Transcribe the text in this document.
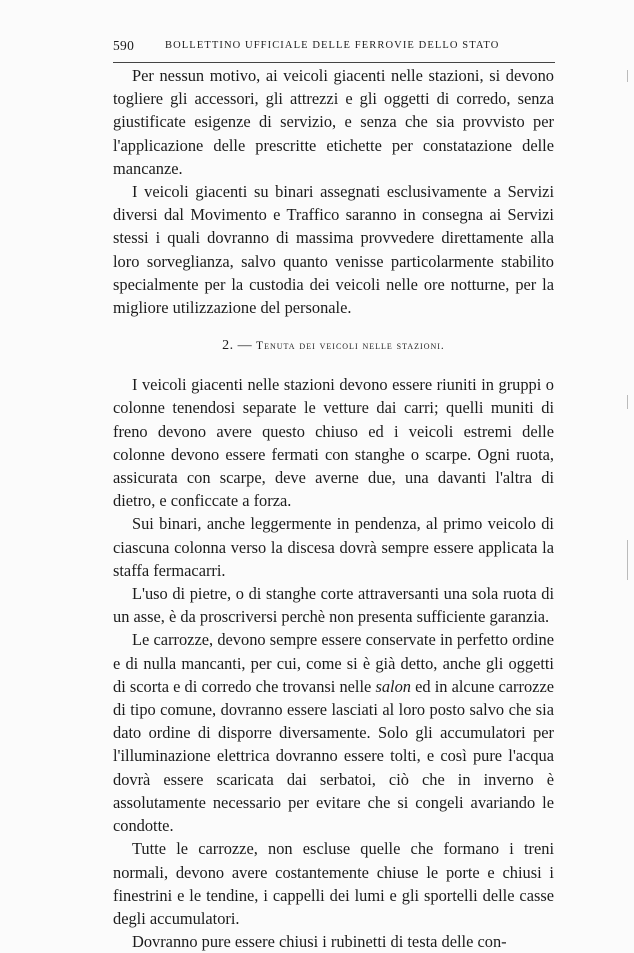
590	BOLLETTINO UFFICIALE DELLE FERROVIE DELLO STATO

Per nessun motivo, ai veicoli giacenti nelle stazioni, si devono togliere gli accessori, gli attrezzi e gli oggetti di corredo, senza giustificate esigenze di servizio, e senza che sia provvisto per l'applicazione delle prescritte etichette per constatazione delle mancanze.

I veicoli giacenti su binari assegnati esclusivamente a Servizi diversi dal Movimento e Traffico saranno in consegna ai Servizi stessi i quali dovranno di massima provvedere direttamente alla loro sorveglianza, salvo quanto venisse particolarmente stabilito specialmente per la custodia dei veicoli nelle ore notturne, per la migliore utilizzazione del personale.

2. — Tenuta dei veicoli nelle stazioni.

I veicoli giacenti nelle stazioni devono essere riuniti in gruppi o colonne tenendosi separate le vetture dai carri; quelli muniti di freno devono avere questo chiuso ed i veicoli estremi delle colonne devono essere fermati con stanghe o scarpe. Ogni ruota, assicurata con scarpe, deve averne due, una davanti l'altra di dietro, e conficcate a forza.

Sui binari, anche leggermente in pendenza, al primo veicolo di ciascuna colonna verso la discesa dovrà sempre essere applicata la staffa fermacarri.

L'uso di pietre, o di stanghe corte attraversanti una sola ruota di un asse, è da proscriversi perchè non presenta sufficiente garanzia.

Le carrozze, devono sempre essere conservate in perfetto ordine e di nulla mancanti, per cui, come si è già detto, anche gli oggetti di scorta e di corredo che trovansi nelle salon ed in alcune carrozze di tipo comune, dovranno essere lasciati al loro posto salvo che sia dato ordine di disporre diversamente. Solo gli accumulatori per l'illuminazione elettrica dovranno essere tolti, e così pure l'acqua dovrà essere scaricata dai serbatoi, ciò che in inverno è assolutamente necessario per evitare che si congeli avariando le condotte.

Tutte le carrozze, non escluse quelle che formano i treni normali, devono avere costantemente chiuse le porte e chiusi i finestrini e le tendine, i cappelli dei lumi e gli sportelli delle casse degli accumulatori.

Dovranno pure essere chiusi i rubinetti di testa delle con-
